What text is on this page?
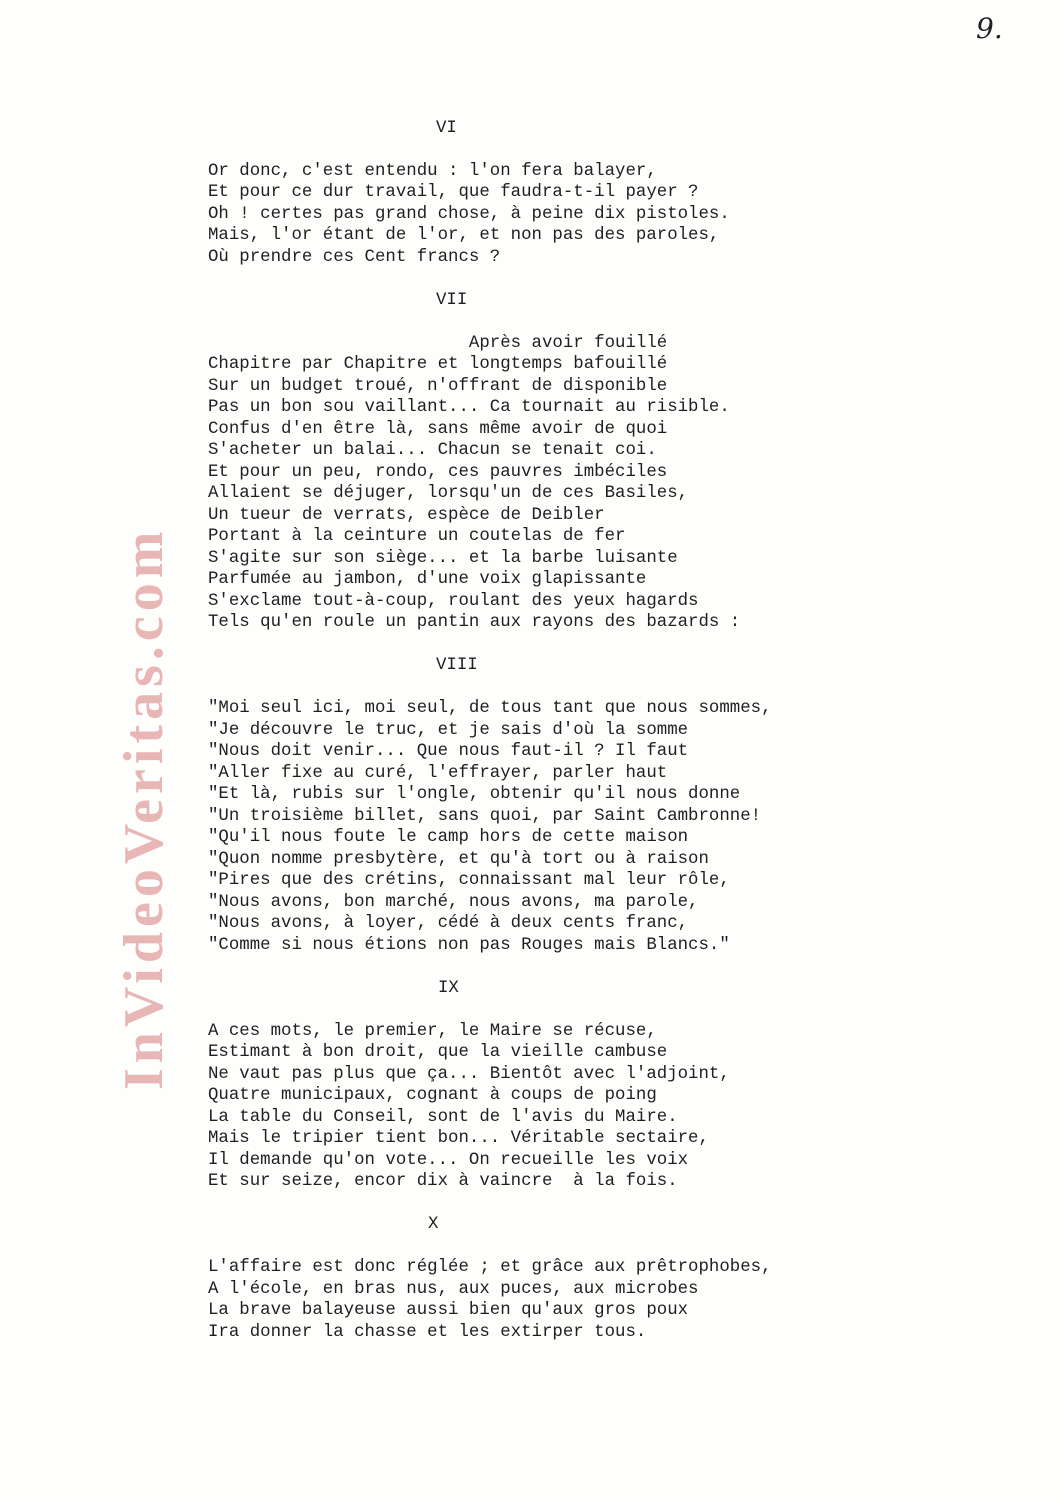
9.
InVideoVeritas.com
VI
Or donc, c'est entendu : l'on fera balayer,
Et pour ce dur travail, que faudra-t-il payer ?
Oh ! certes pas grand chose, à peine dix pistoles.
Mais, l'or étant de l'or, et non pas des paroles,
Où prendre ces Cent francs ?
VII
Après avoir fouillé
Chapitre par Chapitre et longtemps bafouillé
Sur un budget troué, n'offrant de disponible
Pas un bon sou vaillant... Ca tournait au risible.
Confus d'en être là, sans même avoir de quoi
S'acheter un balai... Chacun se tenait coi.
Et pour un peu, rondo, ces pauvres imbéciles
Allaient se déjuger, lorsqu'un de ces Basiles,
Un tueur de verrats, espèce de Deibler
Portant à la ceinture un coutelas de fer
S'agite sur son siège... et la barbe luisante
Parfumée au jambon, d'une voix glapissante
S'exclame tout-à-coup, roulant des yeux hagards
Tels qu'en roule un pantin aux rayons des bazards :
VIII
"Moi seul ici, moi seul, de tous tant que nous sommes,
"Je découvre le truc, et je sais d'où la somme
"Nous doit venir... Que nous faut-il ? Il faut
"Aller fixe au curé, l'effrayer, parler haut
"Et là, rubis sur l'ongle, obtenir qu'il nous donne
"Un troisième billet, sans quoi, par Saint Cambronne!
"Qu'il nous foute le camp hors de cette maison
"Quon nomme presbytère, et qu'à tort ou à raison
"Pires que des crétins, connaissant mal leur rôle,
"Nous avons, bon marché, nous avons, ma parole,
"Nous avons, à loyer, cédé à deux cents franc,
"Comme si nous étions non pas Rouges mais Blancs."
IX
A ces mots, le premier, le Maire se récuse,
Estimant à bon droit, que la vieille cambuse
Ne vaut pas plus que ça... Bientôt avec l'adjoint,
Quatre municipaux, cognant à coups de poing
La table du Conseil, sont de l'avis du Maire.
Mais le tripier tient bon... Véritable sectaire,
Il demande qu'on vote... On recueille les voix
Et sur seize, encor dix à vaincre  à la fois.
X
L'affaire est donc réglée ; et grâce aux prêtrophobes,
A l'école, en bras nus, aux puces, aux microbes
La brave balayeuse aussi bien qu'aux gros poux
Ira donner la chasse et les extirper tous.
